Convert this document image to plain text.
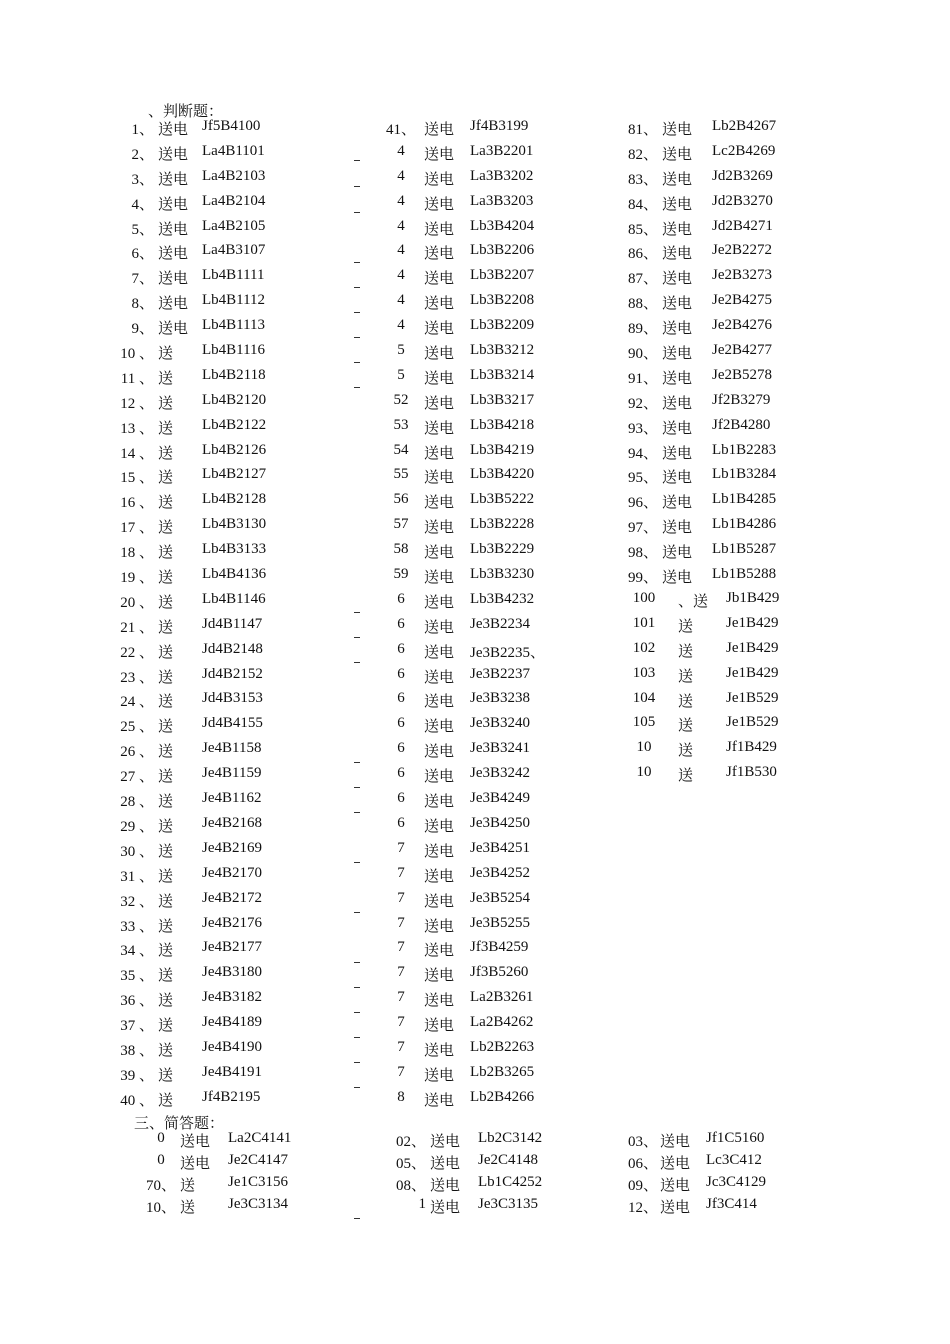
、判断题：
1、 送电 Jf5B4100
2、 送电 La4B1101
3、 送电 La4B2103
4、 送电 La4B2104
5、 送电 La4B2105
6、 送电 La4B3107
7、 送电 Lb4B1111
8、 送电 Lb4B1112
9、 送电 Lb4B1113
10 、 送 Lb4B1116
11 、 送 Lb4B2118
12 、 送 Lb4B2120
13 、 送 Lb4B2122
14 、 送 Lb4B2126
15 、 送 Lb4B2127
16 、 送 Lb4B2128
17 、 送 Lb4B3130
18 、 送 Lb4B3133
19 、 送 Lb4B4136
20 、 送 Lb4B1146
21 、 送 Jd4B1147
22 、 送 Jd4B2148
23 、 送 Jd4B2152
24 、 送 Jd4B3153
25 、 送 Jd4B4155
26 、 送 Je4B1158
27 、 送 Je4B1159
28 、 送 Je4B1162
29 、 送 Je4B2168
30 、 送 Je4B2169
31 、 送 Je4B2170
32 、 送 Je4B2172
33 、 送 Je4B2176
34 、 送 Je4B2177
35 、 送 Je4B3180
36 、 送 Je4B3182
37 、 送 Je4B4189
38 、 送 Je4B4190
39 、 送 Je4B4191
40 、 送 Jf4B2195
41、 送电 Jf4B3199
4	送电 La3B2201
4	送电 La3B3202
4	送电 La3B3203
4	送电 Lb3B4204
4	送电 Lb3B2206
4	送电 Lb3B2207
4	送电 Lb3B2208
4	送电 Lb3B2209
5	送电 Lb3B3212
5	送电 Lb3B3214
52	送电 Lb3B3217
53	送电 Lb3B4218
54	送电 Lb3B4219
55	送电 Lb3B4220
56	送电 Lb3B5222
57	送电 Lb3B2228
58	送电 Lb3B2229
59	送电 Lb3B3230
6	送电 Lb3B4232
6	送电 Je3B2234
6	送电 Je3B2235、
6	送电 Je3B2237
6	送电 Je3B3238
6	送电 Je3B3240
6	送电 Je3B3241
6	送电 Je3B3242
6	送电 Je3B4249
6	送电 Je3B4250
7	送电 Je3B4251
7	送电 Je3B4252
7	送电 Je3B5254
7	送电 Je3B5255
7	送电 Jf3B4259
7	送电 Jf3B5260
7	送电 La2B3261
7	送电 La2B4262
7	送电 Lb2B2263
7	送电 Lb2B3265
8	送电 Lb2B4266
81、 送电 Lb2B4267
82、 送电 Lc2B4269
83、 送电 Jd2B3269
84、 送电 Jd2B3270
85、 送电 Jd2B4271
86、 送电 Je2B2272
87、 送电 Je2B3273
88、 送电 Je2B4275
89、 送电 Je2B4276
90、 送电 Je2B4277
91、 送电 Je2B5278
92、 送电 Jf2B3279
93、 送电 Jf2B4280
94、 送电 Lb1B2283
95、 送电 Lb1B3284
96、 送电 Lb1B4285
97、 送电 Lb1B4286
98、 送电 Lb1B5287
99、 送电 Lb1B5288
100	、送 Jb1B429
101	送 Je1B429
102	送 Je1B429
103	送 Je1B429
104	送 Je1B529
105	送 Je1B529
10	送 Jf1B429
10	送 Jf1B530
三、简答题：
0	送电 La2C4141
0	送电 Je2C4147
70、 送 Je1C3156
10、 送 Je3C3134
02、 送电 Lb2C3142
05、 送电 Je2C4148
08、 送电 Lb1C4252
1 送电 Je3C3135
03、 送电 Jf1C5160
06、 送电 Lc3C412
09、 送电 Jc3C4129
12、 送电 Jf3C414
